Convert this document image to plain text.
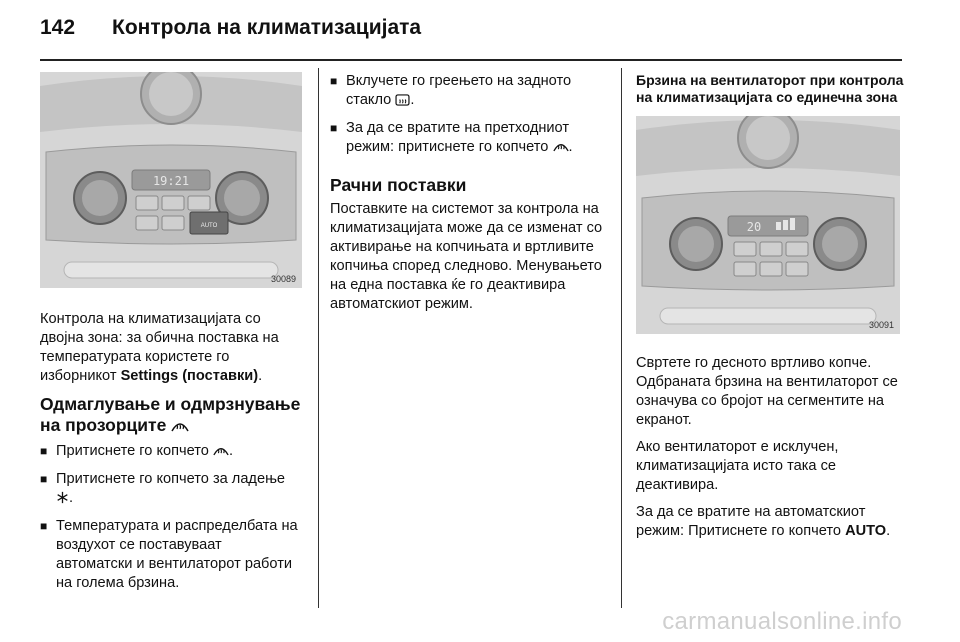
142 Контрола на климатизацијата
19:21
AUTO
30089

Контрола на климатизацијата со двојна зона: за обична поставка на температурата користете го изборникот Settings (поставки).

Одмаглување и одмрзнување на прозорците
■ Притиснете го копчето .
■ Притиснете го копчето за ладење .
■ Температурата и распределбата на воздухот се поставуваат автоматски и вентилаторот работи на голема брзина.
■ Вклучете го греењето на задното стакло .
■ За да се вратите на претходниот режим: притиснете го копчето .
Рачни поставки

Поставките на системот за контрола на климатизацијата може да се изменат со активирање на копчињата и вртливите копчиња според следново. Менувањето на една поставка ќе го деактивира автоматскиот режим.

Брзина на вентилаторот при контрола на климатизацијата со единечна зона
20
30091

Свртете го десното вртливо копче. Одбраната брзина на вентилаторот се означува со бројот на сегментите на екранот.

Ако вентилаторот е исклучен, климатизацијата исто така се деактивира.

За да се вратите на автоматскиот режим: Притиснете го копчето AUTO.

carmanualsonline.info
